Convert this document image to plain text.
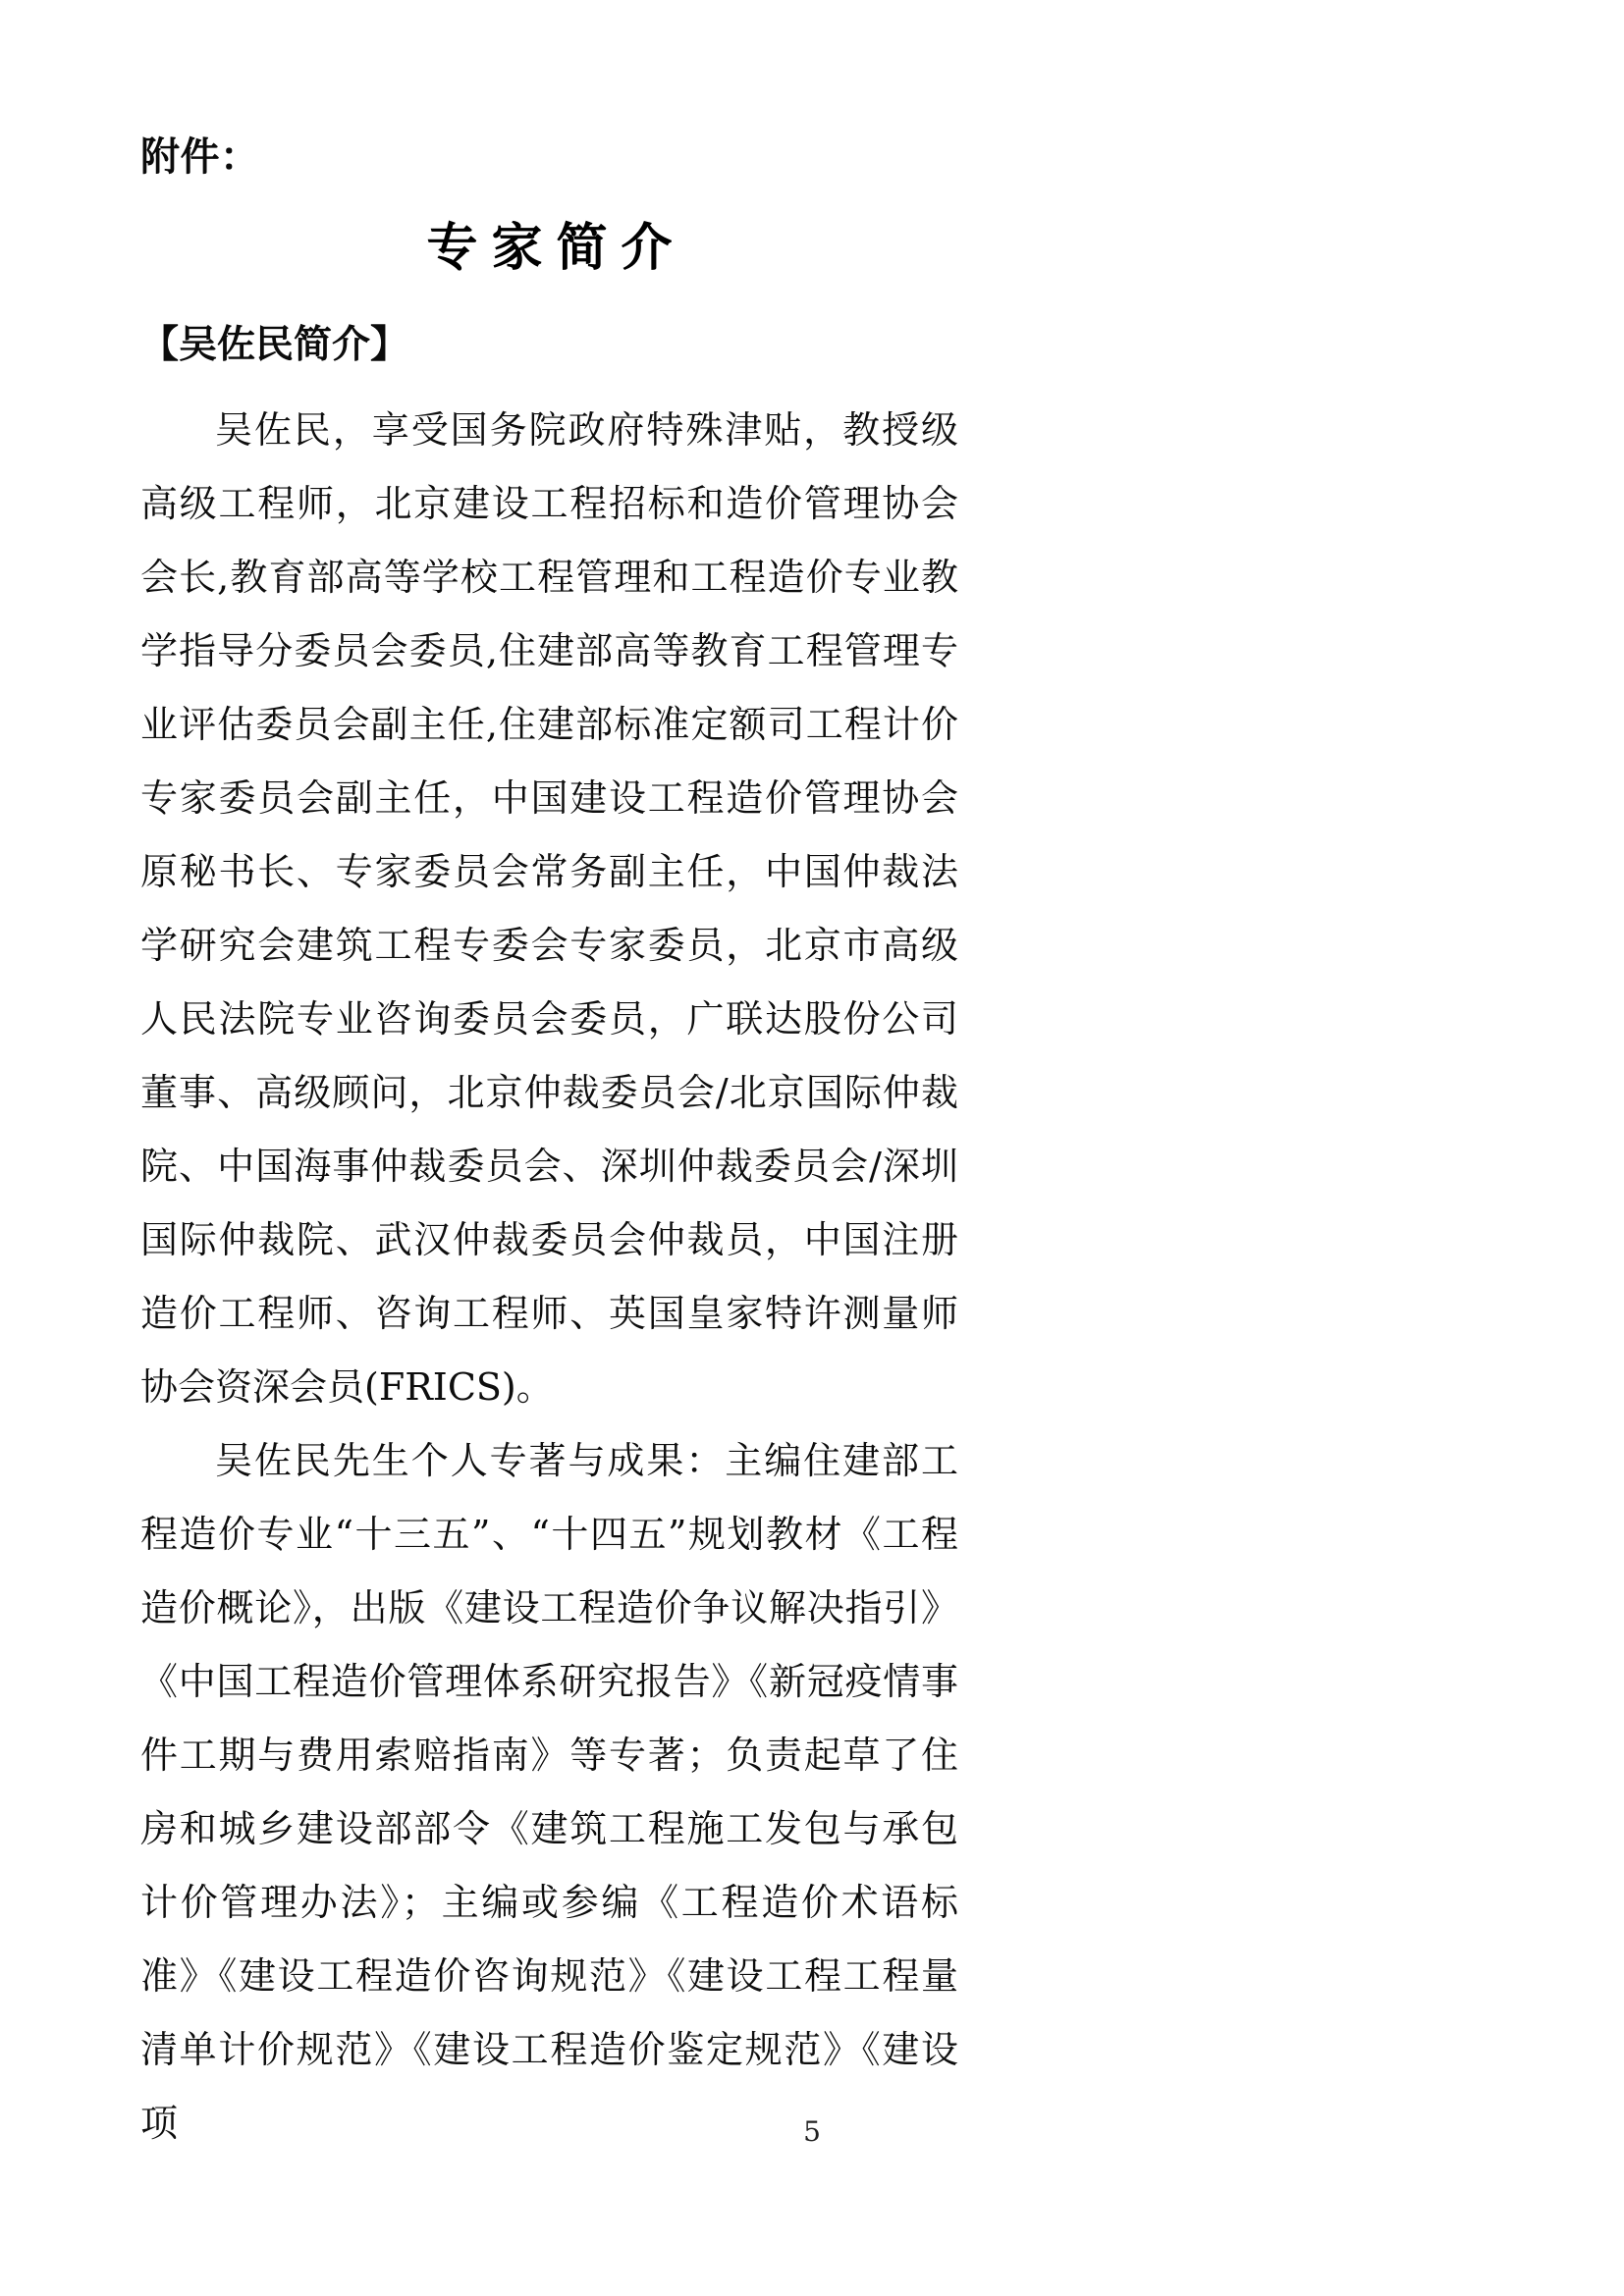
附件：
专家简介
【吴佐民简介】

吴佐民，享受国务院政府特殊津贴，教授级高级工程师，北京建设工程招标和造价管理协会会长,教育部高等学校工程管理和工程造价专业教学指导分委员会委员,住建部高等教育工程管理专业评估委员会副主任,住建部标准定额司工程计价专家委员会副主任，中国建设工程造价管理协会原秘书长、专家委员会常务副主任，中国仲裁法学研究会建筑工程专委会专家委员，北京市高级人民法院专业咨询委员会委员，广联达股份公司董事、高级顾问，北京仲裁委员会/北京国际仲裁院、中国海事仲裁委员会、深圳仲裁委员会/深圳国际仲裁院、武汉仲裁委员会仲裁员，中国注册造价工程师、咨询工程师、英国皇家特许测量师协会资深会员(FRICS)。

吴佐民先生个人专著与成果：主编住建部工程造价专业“十三五”、“十四五”规划教材《工程造价概论》，出版《建设工程造价争议解决指引》《中国工程造价管理体系研究报告》《新冠疫情事件工期与费用索赔指南》等专著；负责起草了住房和城乡建设部部令《建筑工程施工发包与承包计价管理办法》；主编或参编《工程造价术语标准》《建设工程造价咨询规范》《建设工程工程量清单计价规范》《建设工程造价鉴定规范》《建设项	5
